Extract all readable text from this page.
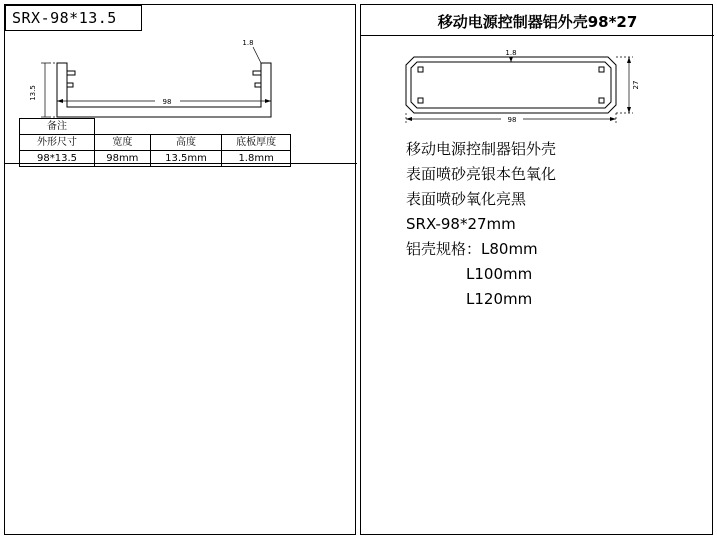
SRX-98*13.5
13.5
1.8
98
备注			
外形尺寸	宽度	高度	底板厚度
98*13.5	98mm	13.5mm	1.8mm
移动电源控制器铝外壳98*27
1.8
27
98
移动电源控制器铝外壳
表面喷砂亮银本色氧化
表面喷砂氧化亮黑
SRX-98*27mm
铝壳规格：L80mm
L100mm
L120mm
